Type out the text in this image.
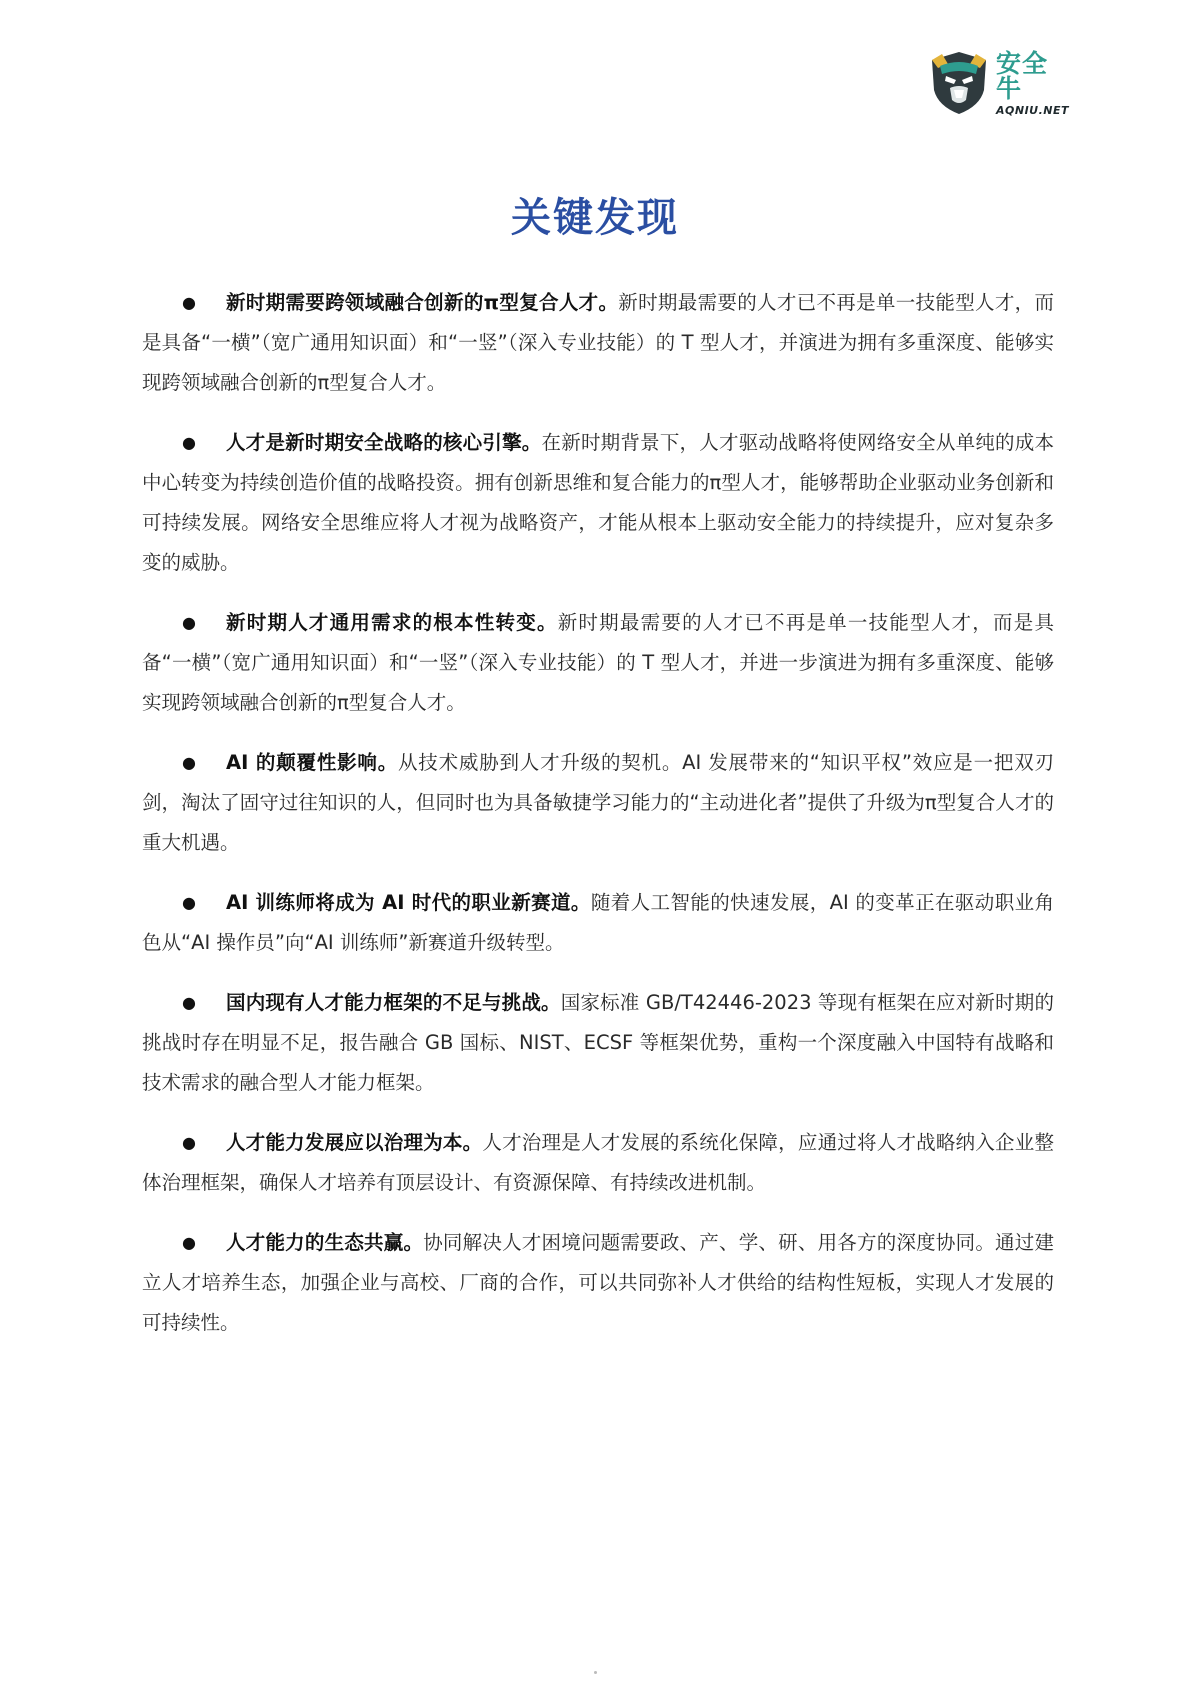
安全牛
AQNIU.NET
关键发现
● 新时期需要跨领域融合创新的π型复合人才。新时期最需要的人才已不再是单一技能型人才，而是具备“一横”（宽广通用知识面）和“一竖”（深入专业技能）的 T 型人才，并演进为拥有多重深度、能够实现跨领域融合创新的π型复合人才。
● 人才是新时期安全战略的核心引擎。在新时期背景下，人才驱动战略将使网络安全从单纯的成本中心转变为持续创造价值的战略投资。拥有创新思维和复合能力的π型人才，能够帮助企业驱动业务创新和可持续发展。网络安全思维应将人才视为战略资产，才能从根本上驱动安全能力的持续提升，应对复杂多变的威胁。
● 新时期人才通用需求的根本性转变。新时期最需要的人才已不再是单一技能型人才，而是具备“一横”（宽广通用知识面）和“一竖”（深入专业技能）的 T 型人才，并进一步演进为拥有多重深度、能够实现跨领域融合创新的π型复合人才。
● AI 的颠覆性影响。从技术威胁到人才升级的契机。AI 发展带来的“知识平权”效应是一把双刃剑，淘汰了固守过往知识的人，但同时也为具备敏捷学习能力的“主动进化者”提供了升级为π型复合人才的重大机遇。
● AI 训练师将成为 AI 时代的职业新赛道。随着人工智能的快速发展，AI 的变革正在驱动职业角色从“AI 操作员”向“AI 训练师”新赛道升级转型。
● 国内现有人才能力框架的不足与挑战。国家标准 GB/T42446-2023 等现有框架在应对新时期的挑战时存在明显不足，报告融合 GB 国标、NIST、ECSF 等框架优势，重构一个深度融入中国特有战略和技术需求的融合型人才能力框架。
● 人才能力发展应以治理为本。人才治理是人才发展的系统化保障，应通过将人才战略纳入企业整体治理框架，确保人才培养有顶层设计、有资源保障、有持续改进机制。
● 人才能力的生态共赢。协同解决人才困境问题需要政、产、学、研、用各方的深度协同。通过建立人才培养生态，加强企业与高校、厂商的合作，可以共同弥补人才供给的结构性短板，实现人才发展的可持续性。
